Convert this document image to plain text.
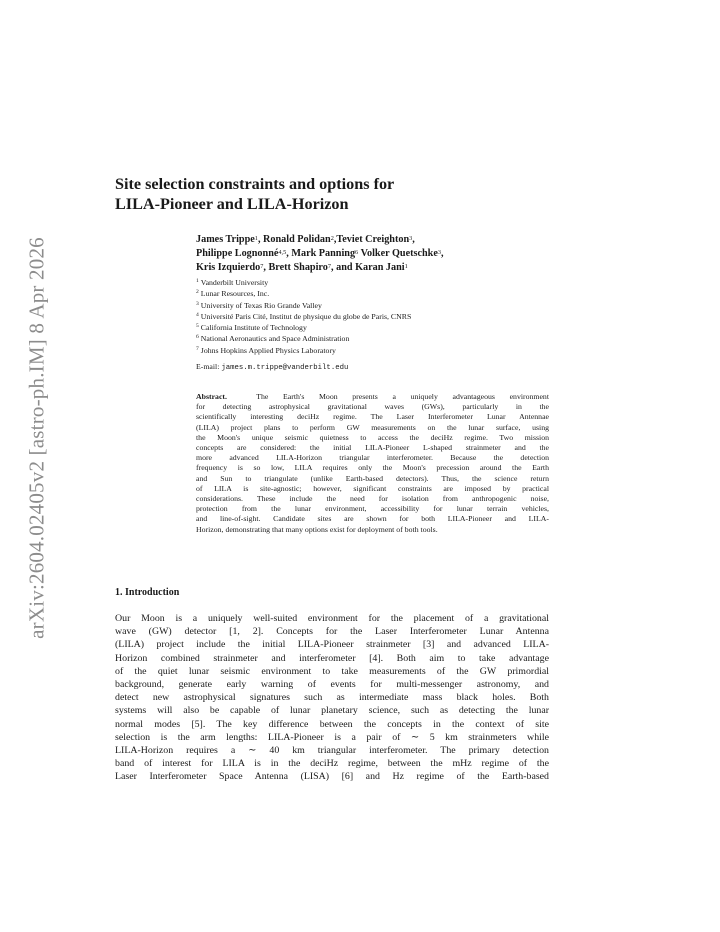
arXiv:2604.02405v2 [astro-ph.IM] 8 Apr 2026
Site selection constraints and options for
LILA-Pioneer and LILA-Horizon
James Trippe$^1$, Ronald Polidan$^2$,Teviet Creighton$^3$,
Philippe Lognonné$^{4,5}$, Mark Panning$^6$ Volker Quetschke$^3$,
Kris Izquierdo$^7$, Brett Shapiro$^7$, and Karan Jani$^1$
$^1$ Vanderbilt University
$^2$ Lunar Resources, Inc.
$^3$ University of Texas Rio Grande Valley
$^4$ Université Paris Cité, Institut de physique du globe de Paris, CNRS
$^5$ California Institute of Technology
$^6$ National Aeronautics and Space Administration
$^7$ Johns Hopkins Applied Physics Laboratory
E-mail: james.m.trippe@vanderbilt.edu
Abstract.	The Earth's Moon presents a uniquely advantageous environment
for detecting astrophysical gravitational waves (GWs), particularly in the
scientifically interesting deciHz regime. The Laser Interferometer Lunar Antennae
(LILA) project plans to perform GW measurements on the lunar surface, using
the Moon's unique seismic quietness to access the deciHz regime. Two mission
concepts are considered: the initial LILA-Pioneer L-shaped strainmeter and the
more advanced LILA-Horizon triangular interferometer. Because the detection
frequency is so low, LILA requires only the Moon's precession around the Earth
and Sun to triangulate (unlike Earth-based detectors). Thus, the science return
of LILA is site-agnostic; however, significant constraints are imposed by practical
considerations. These include the need for isolation from anthropogenic noise,
protection from the lunar environment, accessibility for lunar terrain vehicles,
and line-of-sight. Candidate sites are shown for both LILA-Pioneer and LILA-
Horizon, demonstrating that many options exist for deployment of both tools.
1. Introduction
Our Moon is a uniquely well-suited environment for the placement of a gravitational
wave (GW) detector [1, 2]. Concepts for the Laser Interferometer Lunar Antenna
(LILA) project include the initial LILA-Pioneer strainmeter [3] and advanced LILA-
Horizon combined strainmeter and interferometer [4]. Both aim to take advantage
of the quiet lunar seismic environment to take measurements of the GW primordial
background, generate early warning of events for multi-messenger astronomy, and
detect new astrophysical signatures such as intermediate mass black holes. Both
systems will also be capable of lunar planetary science, such as detecting the lunar
normal modes [5]. The key difference between the concepts in the context of site
selection is the arm lengths: LILA-Pioneer is a pair of ∼ 5 km strainmeters while
LILA-Horizon requires a ∼ 40 km triangular interferometer. The primary detection
band of interest for LILA is in the deciHz regime, between the mHz regime of the
Laser Interferometer Space Antenna (LISA) [6] and Hz regime of the Earth-based
